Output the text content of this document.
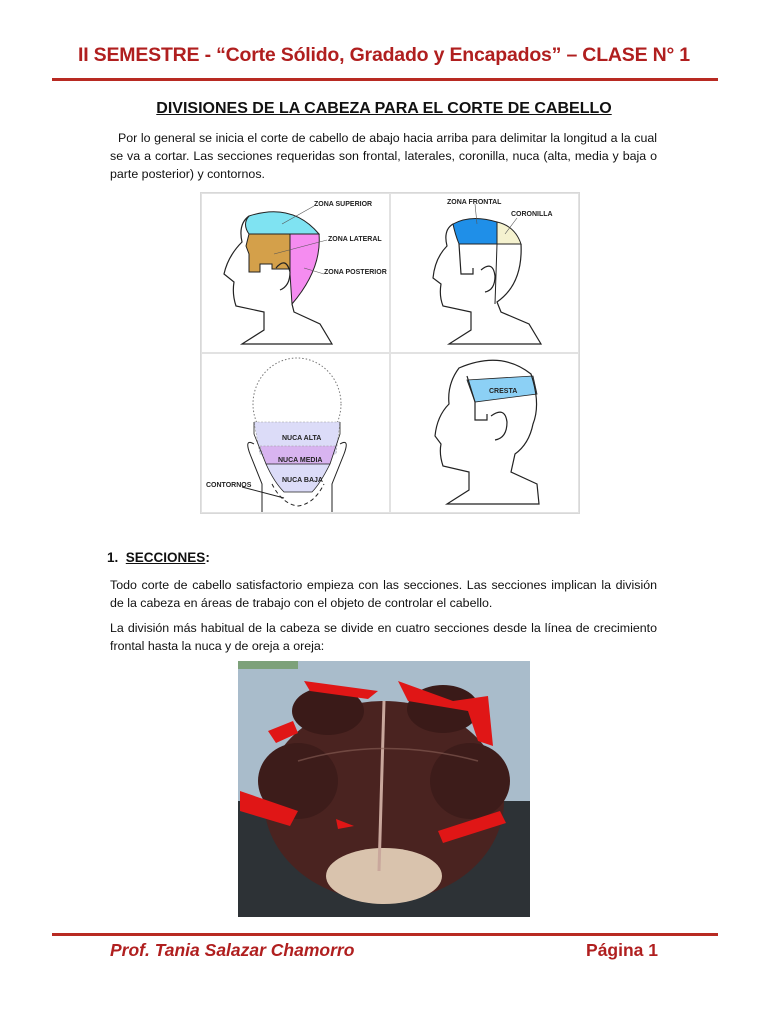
II SEMESTRE - “Corte Sólido, Gradado y Encapados” – CLASE N° 1
DIVISIONES DE LA CABEZA PARA EL CORTE DE CABELLO
Por lo general se inicia el corte de cabello de abajo hacia arriba para delimitar la longitud a la cual se va a cortar. Las secciones requeridas son frontal, laterales, coronilla, nuca (alta, media y baja o parte posterior) y contornos.
ZONA SUPERIOR
ZONA LATERAL
ZONA POSTERIOR
ZONA FRONTAL
CORONILLA
NUCA ALTA
NUCA MEDIA
NUCA BAJA
CONTORNOS
CRESTA
1. SECCIONES:
Todo corte de cabello satisfactorio empieza con las secciones. Las secciones implican la división de la cabeza en áreas de trabajo con el objeto de controlar el cabello.
La división más habitual de la cabeza se divide en cuatro secciones desde la línea de crecimiento frontal hasta la nuca y de oreja a oreja:
Prof. Tania Salazar Chamorro	Página 1
